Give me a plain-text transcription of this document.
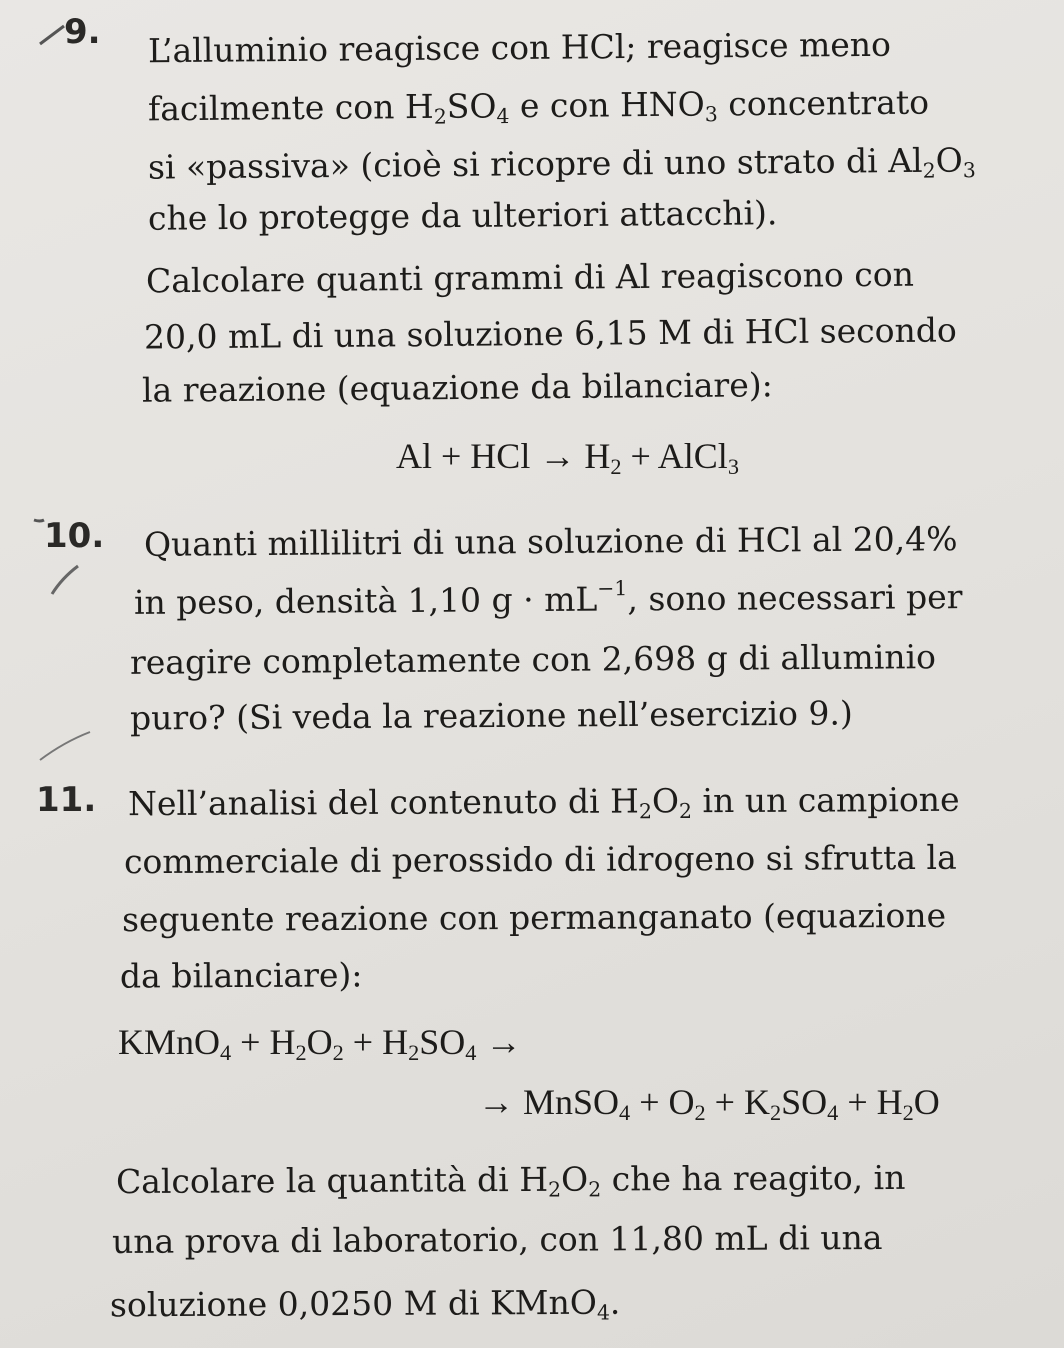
9. L’alluminio reagisce con HCl; reagisce meno
facilmente con $H_2SO_4$ e con $HNO_3$ concentrato
si «passiva» (cioè si ricopre di uno strato di $Al_2O_3$
che lo protegge da ulteriori attacchi).
Calcolare quanti grammi di Al reagiscono con
20,0 mL di una soluzione 6,15 M di HCl secondo
la reazione (equazione da bilanciare):
Al + HCl → $H_2$ + AlCl$_3$
10. Quanti millilitri di una soluzione di HCl al 20,4%
in peso, densità 1,10 $g \cdot mL^{-1}$, sono necessari per
reagire completamente con 2,698 g di alluminio
puro? (Si veda la reazione nell’esercizio 9.)
11. Nell’analisi del contenuto di $H_2O_2$ in un campione
commerciale di perossido di idrogeno si sfrutta la
seguente reazione con permanganato (equazione
da bilanciare):
KMnO$_4$ + $H_2O_2 + H_2SO_4$ →
→ MnSO$_4$ + $O_2 + K_2SO_4 + H_2O$
Calcolare la quantità di $H_2O_2$ che ha reagito, in
una prova di laboratorio, con 11,80 mL di una
soluzione 0,0250 M di KMnO$_4$.
